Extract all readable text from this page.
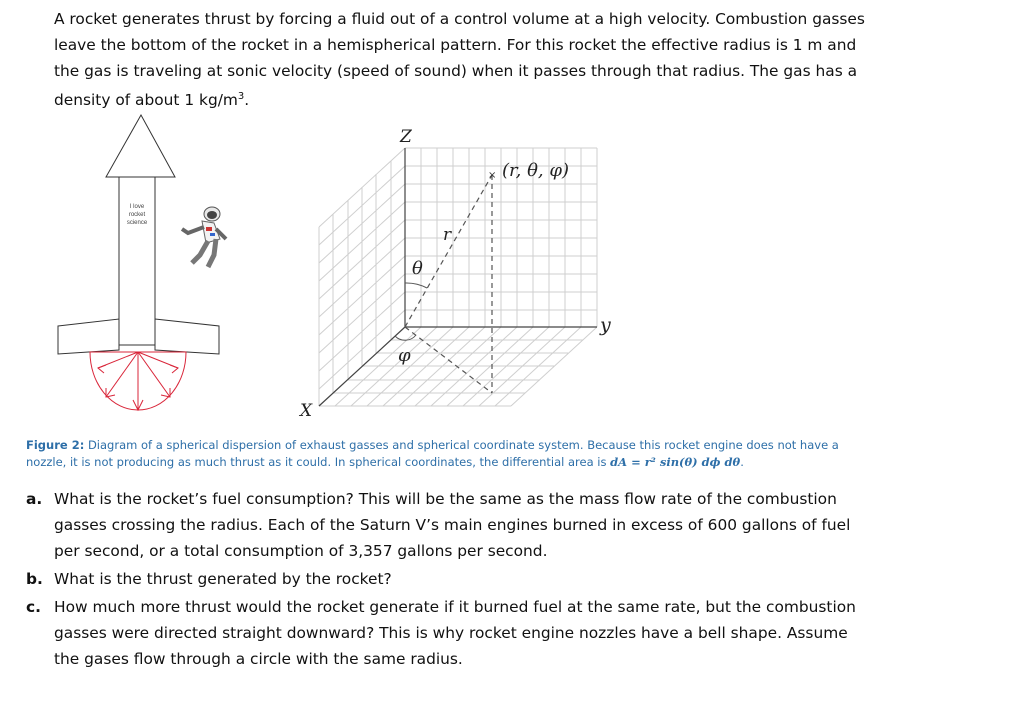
A rocket generates thrust by forcing a fluid out of a control volume at a high velocity. Combustion gasses leave the bottom of the rocket in a hemispherical pattern. For this rocket the effective radius is 1 m and the gas is traveling at sonic velocity (speed of sound) when it passes through that radius. The gas has a density of about 1 $kg/m^3$.

I love
rocket
science
×
Z
y
X
(r, θ, φ)
r
θ
φ
Figure 2: Diagram of a spherical dispersion of exhaust gasses and spherical coordinate system. Because this rocket engine does not have a nozzle, it is not producing as much thrust as it could. In spherical coordinates, the differential area is dA = r² sin(θ) dϕ dθ.
a. What is the rocket’s fuel consumption? This will be the same as the mass flow rate of the combustion gasses crossing the radius. Each of the Saturn V’s main engines burned in excess of 600 gallons of fuel per second, or a total consumption of 3,357 gallons per second.
b. What is the thrust generated by the rocket?
c. How much more thrust would the rocket generate if it burned fuel at the same rate, but the combustion gasses were directed straight downward? This is why rocket engine nozzles have a bell shape. Assume the gases flow through a circle with the same radius.
